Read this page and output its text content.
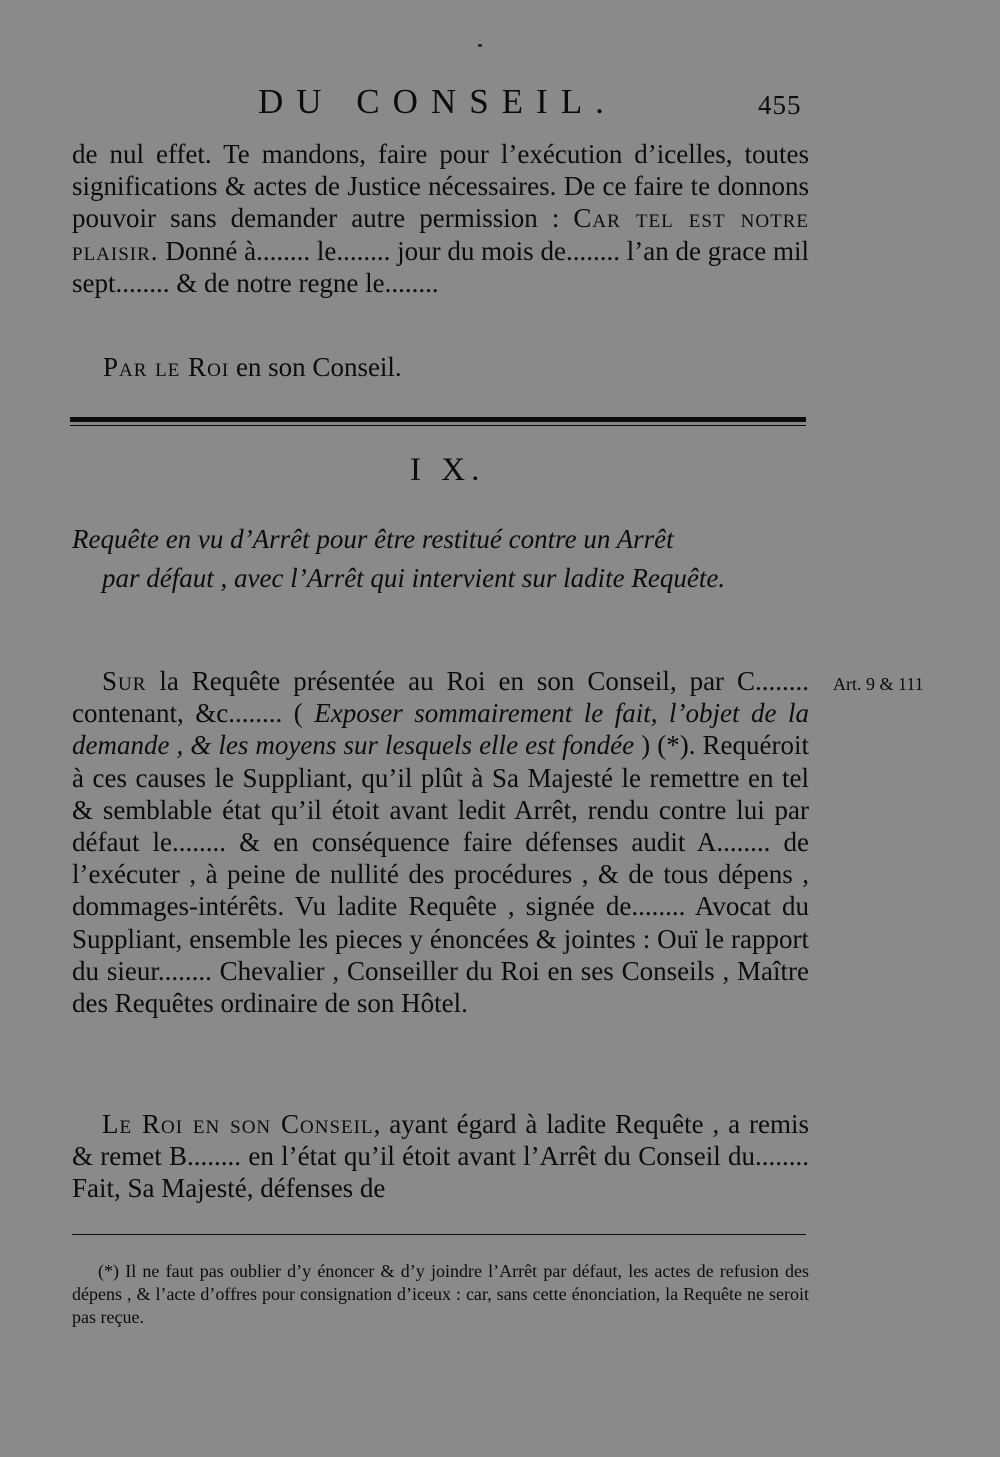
DU CONSEIL.	455

de nul effet. Te mandons, faire pour l’exécution d’icelles, toutes significations & actes de Justice nécessaires. De ce faire te donnons pouvoir sans demander autre permission : Car tel est notre plaisir. Donné à........ le........ jour du mois de........ l’an de grace mil sept........ & de notre regne le........

Par le Roi en son Conseil.
I X.
Requête en vu d’Arrêt pour être restitué contre un Arrêt
par défaut , avec l’Arrêt qui intervient sur ladite Requête.
Art. 9 & 111

Sur la Requête présentée au Roi en son Conseil, par C........ contenant, &c........ ( Exposer sommairement le fait, l’objet de la demande , & les moyens sur lesquels elle est fondée ) (*). Requéroit à ces causes le Suppliant, qu’il plût à Sa Majesté le remettre en tel & semblable état qu’il étoit avant ledit Arrêt, rendu contre lui par défaut le........ & en conséquence faire défenses audit A........ de l’exécuter , à peine de nullité des procédures , & de tous dépens , dommages-intérêts. Vu ladite Requête , signée de........ Avocat du Suppliant, ensemble les pieces y énoncées & jointes : Ouï le rapport du sieur........ Chevalier , Conseiller du Roi en ses Conseils , Maître des Requêtes ordinaire de son Hôtel.

Le Roi en son Conseil, ayant égard à ladite Requête , a remis & remet B........ en l’état qu’il étoit avant l’Arrêt du Conseil du........ Fait, Sa Majesté, défenses de

(*) Il ne faut pas oublier d’y énoncer & d’y joindre l’Arrêt par défaut, les actes de refusion des dépens , & l’acte d’offres pour consignation d’iceux : car, sans cette énonciation, la Requête ne seroit pas reçue.
